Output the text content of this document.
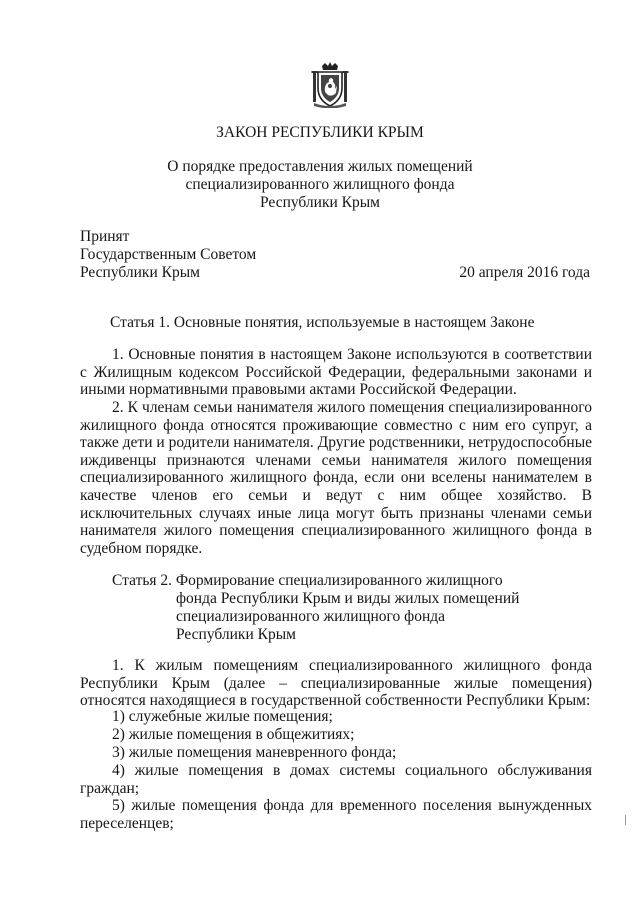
ЗАКОН РЕСПУБЛИКИ КРЫМ
О порядке предоставления жилых помещений
специализированного жилищного фонда
Республики Крым
Принят
Государственным Советом
Республики Крым	20 апреля 2016 года
Статья 1. Основные понятия, используемые в настоящем Законе

1. Основные понятия в настоящем Законе используются в соответствии с Жилищным кодексом Российской Федерации, федеральными законами и иными нормативными правовыми актами Российской Федерации.

2. К членам семьи нанимателя жилого помещения специализированного жилищного фонда относятся проживающие совместно с ним его супруг, а также дети и родители нанимателя. Другие родственники, нетрудоспособные иждивенцы признаются членами семьи нанимателя жилого помещения специализированного жилищного фонда, если они вселены нанимателем в качестве членов его семьи и ведут с ним общее хозяйство. В исключительных случаях иные лица могут быть признаны членами семьи нанимателя жилого помещения специализированного жилищного фонда в судебном порядке.

Статья 2. Формирование специализированного жилищного
фонда Республики Крым и виды жилых помещений
специализированного жилищного фонда
Республики Крым

1. К жилым помещениям специализированного жилищного фонда Республики Крым (далее – специализированные жилые помещения) относятся находящиеся в государственной собственности Республики Крым:

1) служебные жилые помещения;

2) жилые помещения в общежитиях;

3) жилые помещения маневренного фонда;

4) жилые помещения в домах системы социального обслуживания граждан;

5) жилые помещения фонда для временного поселения вынужденных переселенцев;
